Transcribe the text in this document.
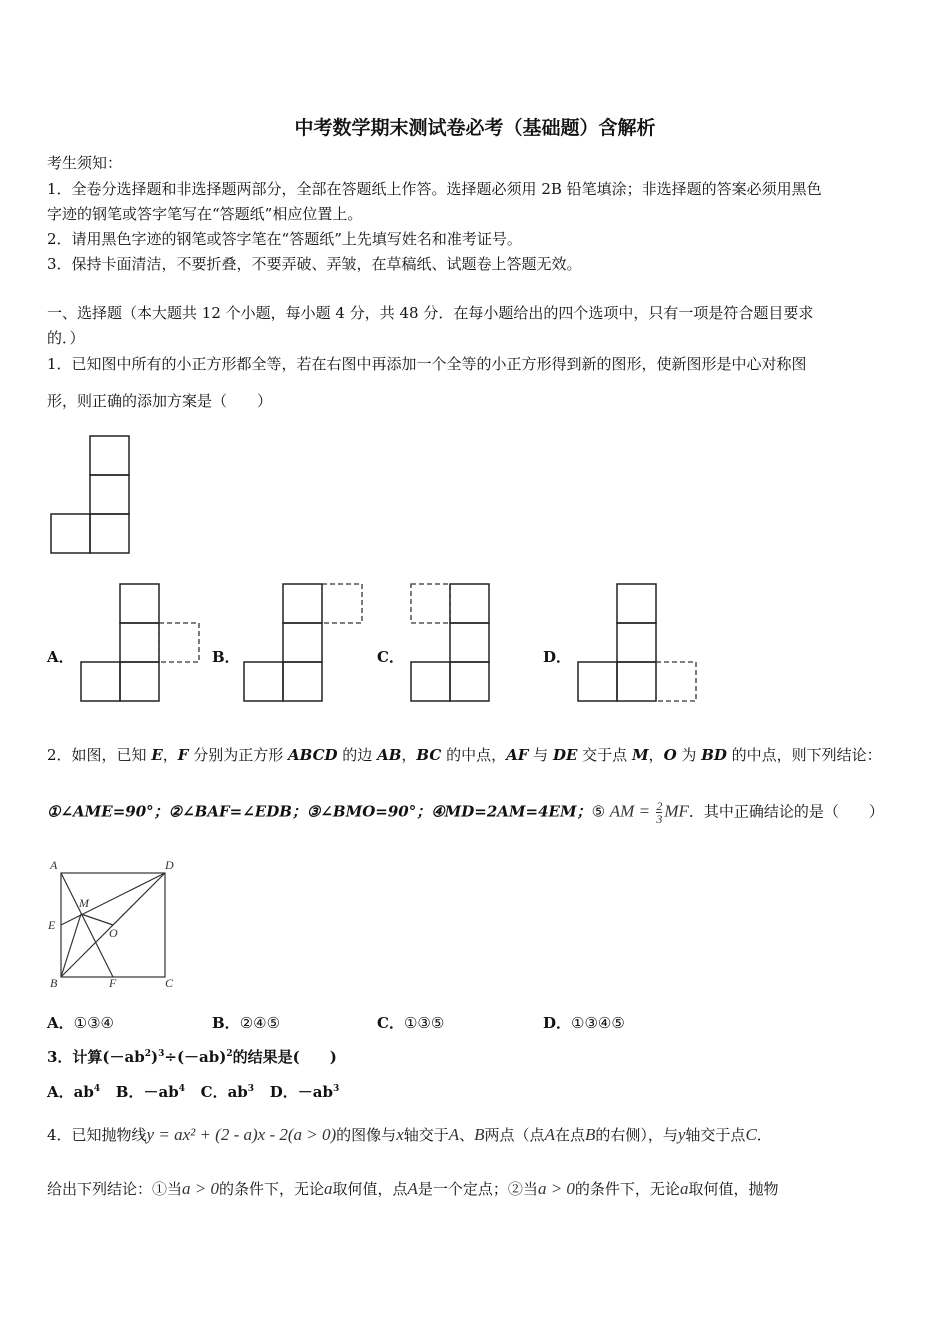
中考数学期末测试卷必考（基础题）含解析
考生须知：
1．全卷分选择题和非选择题两部分，全部在答题纸上作答。选择题必须用 2B 铅笔填涂；非选择题的答案必须用黑色
字迹的钢笔或答字笔写在“答题纸”相应位置上。
2．请用黑色字迹的钢笔或答字笔在“答题纸”上先填写姓名和准考证号。
3．保持卡面清洁，不要折叠，不要弄破、弄皱，在草稿纸、试题卷上答题无效。
一、选择题（本大题共 12 个小题，每小题 4 分，共 48 分．在每小题给出的四个选项中，只有一项是符合题目要求
的．）
1．已知图中所有的小正方形都全等，若在右图中再添加一个全等的小正方形得到新的图形，使新图形是中心对称图
形，则正确的添加方案是（　　）
A．	B．	C．	D．
2．如图，已知 E，F 分别为正方形 ABCD 的边 AB，BC 的中点，AF 与 DE 交于点 M，O 为 BD 的中点，则下列结论：
①∠AME=90°；②∠BAF=∠EDB；③∠BMO=90°；④MD=2AM=4EM；⑤ AM = $\frac{2}{3}$ MF．其中正确结论的是（　　）
A	D
E
M
O
B	F	C
A．①③④	B．②④⑤	C．①③⑤	D．①③④⑤
3．计算$(-ab^2)^3\div(-ab)^2$的结果是(　　)
A．$ab^4$ B．$-ab^4$ C．$ab^3$ D．$-ab^3$
4．已知抛物线y = ax² + (2 - a)x - 2(a > 0)的图像与x轴交于A、B两点（点A在点B的右侧），与y轴交于点C．
给出下列结论：①当a > 0的条件下，无论a取何值，点A是一个定点；②当a > 0的条件下，无论a取何值，抛物
